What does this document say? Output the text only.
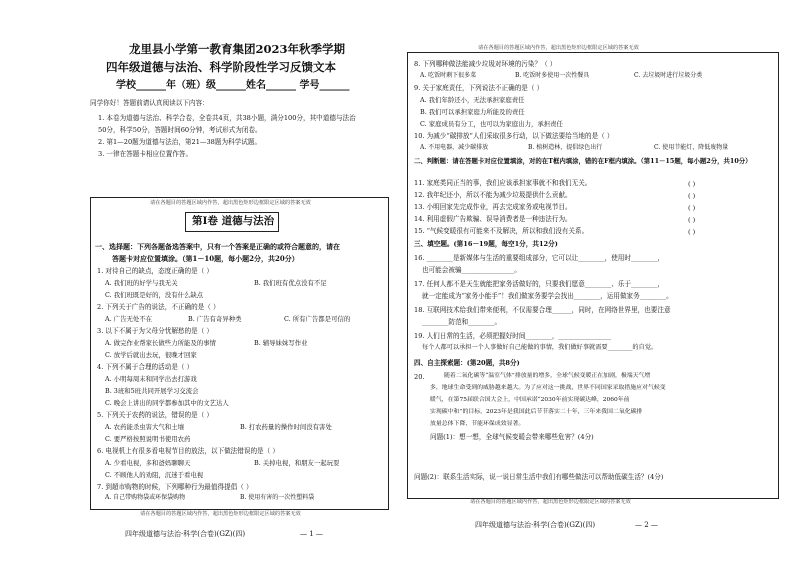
龙里县小学第一教育集团2023年秋季学期
四年级道德与法治、科学阶段性学习反馈文本
学校______年（班）级______姓名______ 学号______
同学你好！答题前请认真阅读以下内容：
1. 本卷为道德与法治、科学合卷，全卷共4页，共38小题，满分100分，其中道德与法治
50分，科学50分，答题时间60分钟，考试形式为闭卷。
2. 第1—20题为道德与法治，第21—38题为科学试题。
3. 一律在答题卡相应位置作答。
请在各题目的答题区域内作答，超出黑色矩形边框限定区域的答案无效
第Ⅰ卷 道德与法治
一、选择题：下列各题备选答案中，只有一个答案是正确的或符合题意的，请在
答题卡对应位置填涂。（第1－10题，每小题2分，共20分）
1. 对待自己的缺点，态度正确的是（ ）
A. 我们班的好学与我无关	B. 我们班有优点没有不足
C. 我们班既是好的，没有什么缺点
2. 下列关于广告的说法，不正确的是（ ）
A. 广告无处不在	B. 广告有奇异种类	C. 所有广告都是可信的
3. 以下不属于为父母分忧解愁的是（ ）
A. 做完作业帮家长做些力所能及的事情	B. 辅导妹妹写作业
C. 放学后就出去玩，很晚才回家
4. 下列不属于合理的活动是（ ）
A. 小明每周末和同学出去打游戏
B. 3班和5班共同开展学习交流会
C. 晚会上讲出的同学都参加其中的文艺达人
5. 下列关于农药的说法，错误的是（ ）
A. 农药能杀虫害大气和土壤	B. 打农药量的操作时间没有害处
C. 要严格按照说明书使用农药
6. 电视机上有很多看电视节目的放法，以下做法错误的是（ ）
A. 少看电视，多和爸妈聊聊天	B. 关掉电视，和朋友一起玩耍
C. 不顾他人的劝阻，沉迷于看电视
7. 到超市购物的时候，下列哪种行为最值得提倡（ ）
A. 自己带购物袋或环保袋购物	B. 使用有害的一次性塑料袋
请在各题目的答题区域内作答，超出黑色矩形边框限定区域的答案无效
四年级道德与法治·科学(合卷)(GZ)(四)	— 1 —
请在各题目的答题区域内作答，超出黑色矩形边框限定区域的答案无效
8. 下列哪种做法能减少垃圾对环境的污染？（ ）
A. 吃饭时剩下很多菜	B. 吃饭时多使用一次性餐具	C. 去垃圾时进行垃圾分类
9. 关于家庭责任，下列说法不正确的是（ ）
A. 我们年龄还小，无法承担家庭责任
B. 我们可以承担家庭力所能及的责任
C. 家庭成员有分工，也可以为家庭出力，承担责任
10. 为减少“碳排放”人们采取很多行动，以下做法要给当地的是（ ）
A. 不用电器，减少碳排放	B. 植树造林，提倡绿色出行	C. 使用节能灯，降低废物量
二、判断题：请在答题卡对应位置填涂，对的在T框内填涂，错的在F框内填涂。（第11－15题，每小题2分，共10分）
11. 家庭类同正当的事，我们应该承担家事就不和我们无关。	( )
12. 我年纪还小，所以不能为减少垃圾提供什么贡献。	( )
13. 小明回家先完成作业，再去完成家务或电视节目。	( )
14. 利用虚假广告欺骗、误导消费者是一种违法行为。	( )
15. “气候变暖很有可能来不及解决，所以和我们没有关系。	( )
三、填空题。(第16－19题，每空1分，共12分)
16. ________是新媒体与生活的重要组成部分，它可以让________，使用时________，
也可能会被骗________________。
17. 任何人都不是天生就能把家务活做好的，只要我们愿意________、乐于________，
就一定能成为“家务小能手”！我们做家务要学会找出________，运用做家务________。
18. 互联网技术给我们带来便利，不仅需要合理______，同时，在网络世界里，也要注意
________防范和________。
19. 人们日常的生活，必须把握好时间________，________________
每个人都可以承担一个人事做好自己能做的事情，我们做好事就需要________的自觉。
四、自主探索题：(第20题，共8分)
20.	随着二氧化碳等“温室气体”排放量的增多，全球气候变暖正在加剧，极端天气增
多，地球生命受到的威胁越来越大。为了应对这一挑战，世界不同国家采取措施应对气候变
暖气，在第75届联合国大会上，中国承诺“2030年前实现碳达峰，2060年前
实现碳中和”的目标，2023年是我国此后节节落实二十年，三年来我国二氧化碳排
放量总体下降，节能环保成效显著。
问题(1)：想一想，全球气候变暖会带来哪些危害？(4分)
问题(2)：联系生活实际，说一说日常生活中我们有哪些做法可以帮助低碳生活？(4分)
请在各题目的答题区域内作答，超出黑色矩形边框限定区域的答案无效
四年级道德与法治·科学(合卷)(GZ)(四)	— 2 —
